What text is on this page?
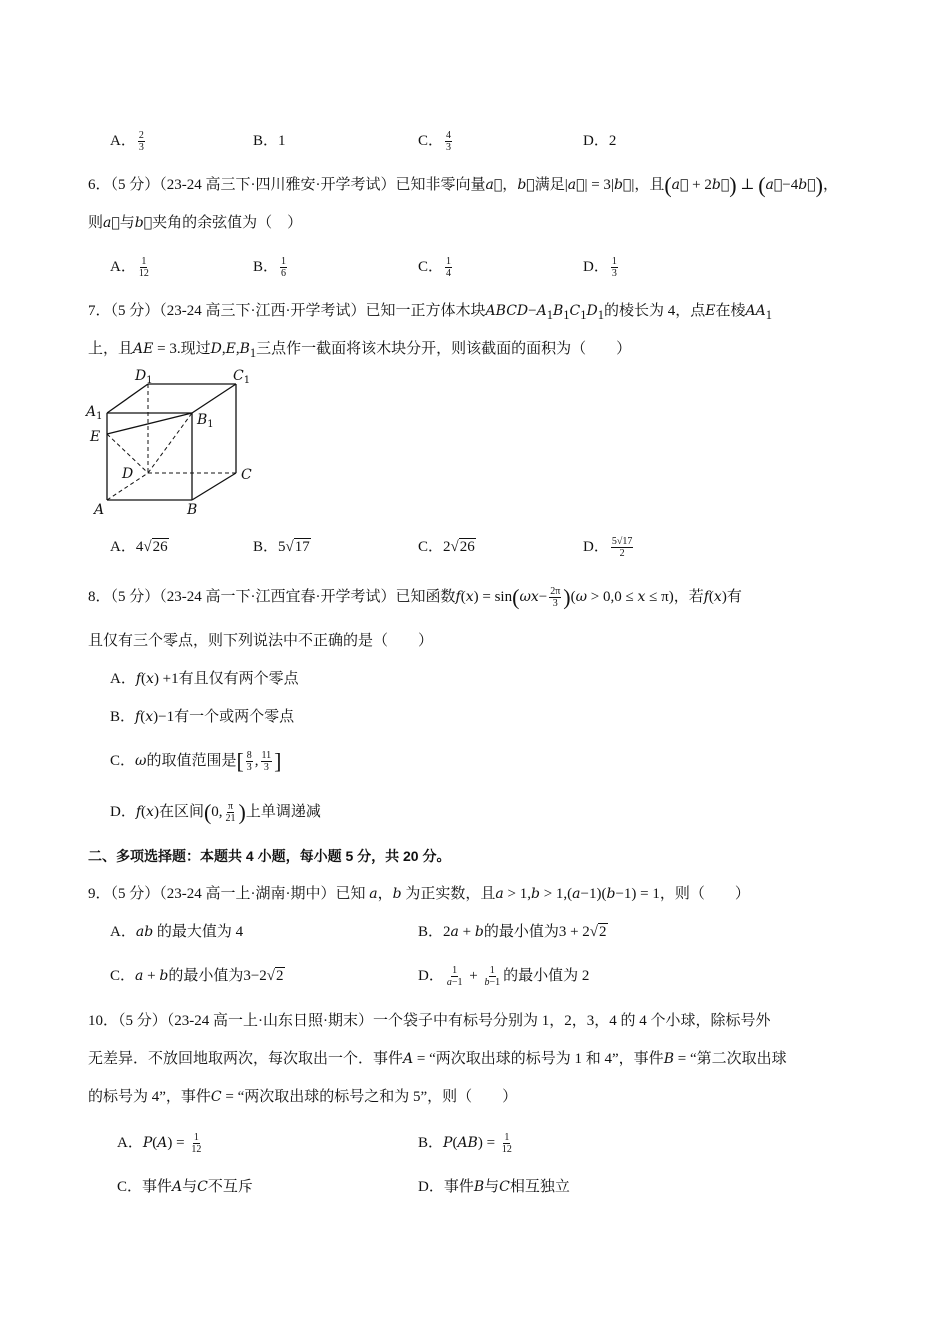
A． $\frac{2}{3}$	B．1	C． $\frac{4}{3}$	D．2
6．（5 分）（23-24 高三下·四川雅安·开学考试）已知非零向量a⃗，b⃗满足|a⃗| = 3|b⃗|，且(a⃗ + 2b⃗) ⊥ (a⃗−4b⃗)，
则a⃗与b⃗夹角的余弦值为（　）
A． $\frac{1}{12}$	B． $\frac{1}{6}$	C． $\frac{1}{4}$	D． $\frac{1}{3}$
7．（5 分）（23-24 高三下·江西·开学考试）已知一正方体木块$ABCD-A_1B_1C_1D_1$的棱长为 4，点E在棱$AA_1$
上，且AE = 3.现过$D,E,B_1$三点作一截面将该木块分开，则该截面的面积为（　　）
$D_1$	$C_1$
$A_1$	$B_1$
E
D	C
A	B
A．4√26	B．5√17	C．2√26	D． $\frac{5√17}{2}$
8．（5 分）（23-24 高一下·江西宜春·开学考试）已知函数$f(x) = \sin(\omega x- \frac{2\pi}{3} )(\omega > 0,0 \le x \le \pi)$，若f(x)有
且仅有三个零点，则下列说法中不正确的是（　　）
A．f(x) +1有且仅有两个零点
B．f(x)−1有一个或两个零点
C．ω的取值范围是[ $\frac{8}{3}$ , $\frac{11}{3}$ ]
D．f(x)在区间(0, $\frac{\pi}{21}$ )上单调递减
二、多项选择题：本题共 4 小题，每小题 5 分，共 20 分。
9．（5 分）（23-24 高一上·湖南·期中）已知 a，b 为正实数，且a > 1,b > 1,(a−1)(b−1) = 1，则（　　）
A．ab 的最大值为 4	B．2a + b的最小值为3 + 2√2
C．a + b的最小值为3−2√2	D． $\frac{1}{a-1} + \frac{1}{b-1}$ 的最小值为 2
10．（5 分）（23-24 高一上·山东日照·期末）一个袋子中有标号分别为 1，2，3，4 的 4 个小球，除标号外
无差异．不放回地取两次，每次取出一个．事件A = “两次取出球的标号为 1 和 4”，事件B = “第二次取出球
的标号为 4”，事件C = “两次取出球的标号之和为 5”，则（　　）
A．$P(A) = \frac{1}{12}$	B．$P(AB) = \frac{1}{12}$
C．事件A与C不互斥	D．事件B与C相互独立
